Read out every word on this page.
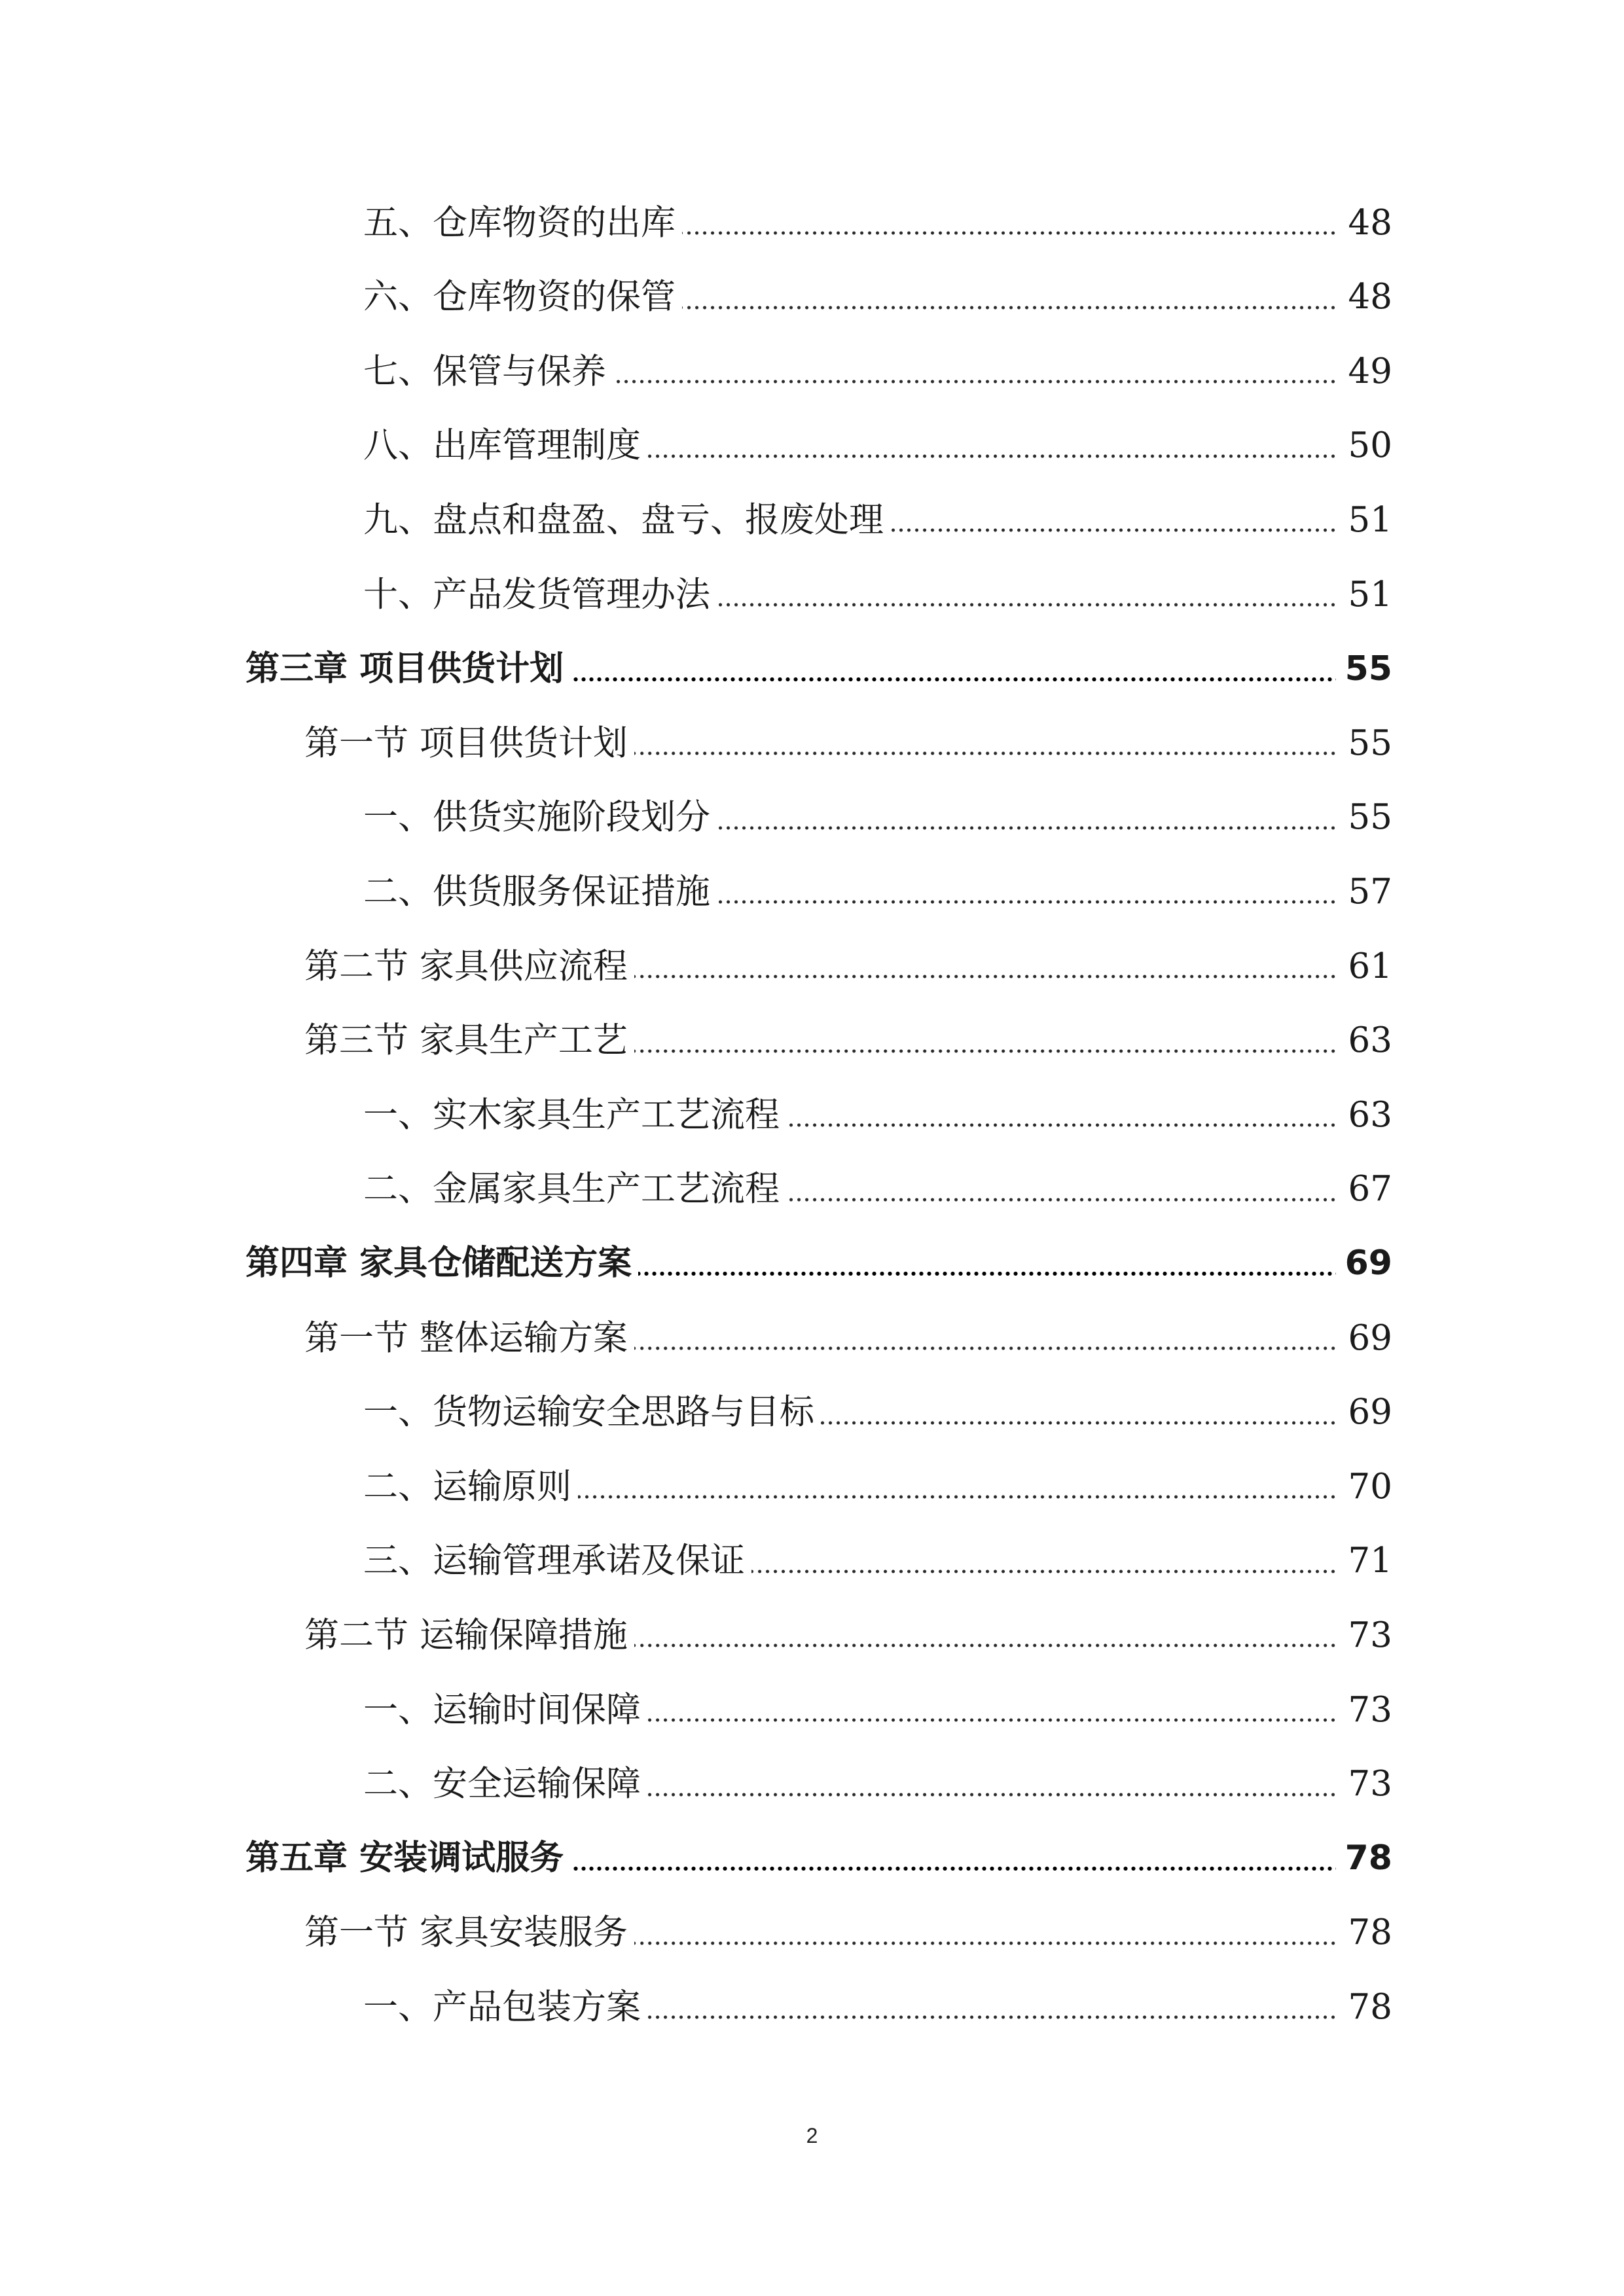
五、仓库物资的出库	48
六、仓库物资的保管	48
七、保管与保养	49
八、出库管理制度	50
九、盘点和盘盈、盘亏、报废处理	51
十、产品发货管理办法	51
第三章 项目供货计划	55
第一节 项目供货计划	55
一、供货实施阶段划分	55
二、供货服务保证措施	57
第二节 家具供应流程	61
第三节 家具生产工艺	63
一、实木家具生产工艺流程	63
二、金属家具生产工艺流程	67
第四章 家具仓储配送方案	69
第一节 整体运输方案	69
一、货物运输安全思路与目标	69
二、运输原则	70
三、运输管理承诺及保证	71
第二节 运输保障措施	73
一、运输时间保障	73
二、安全运输保障	73
第五章 安装调试服务	78
第一节 家具安装服务	78
一、产品包装方案	78
2
